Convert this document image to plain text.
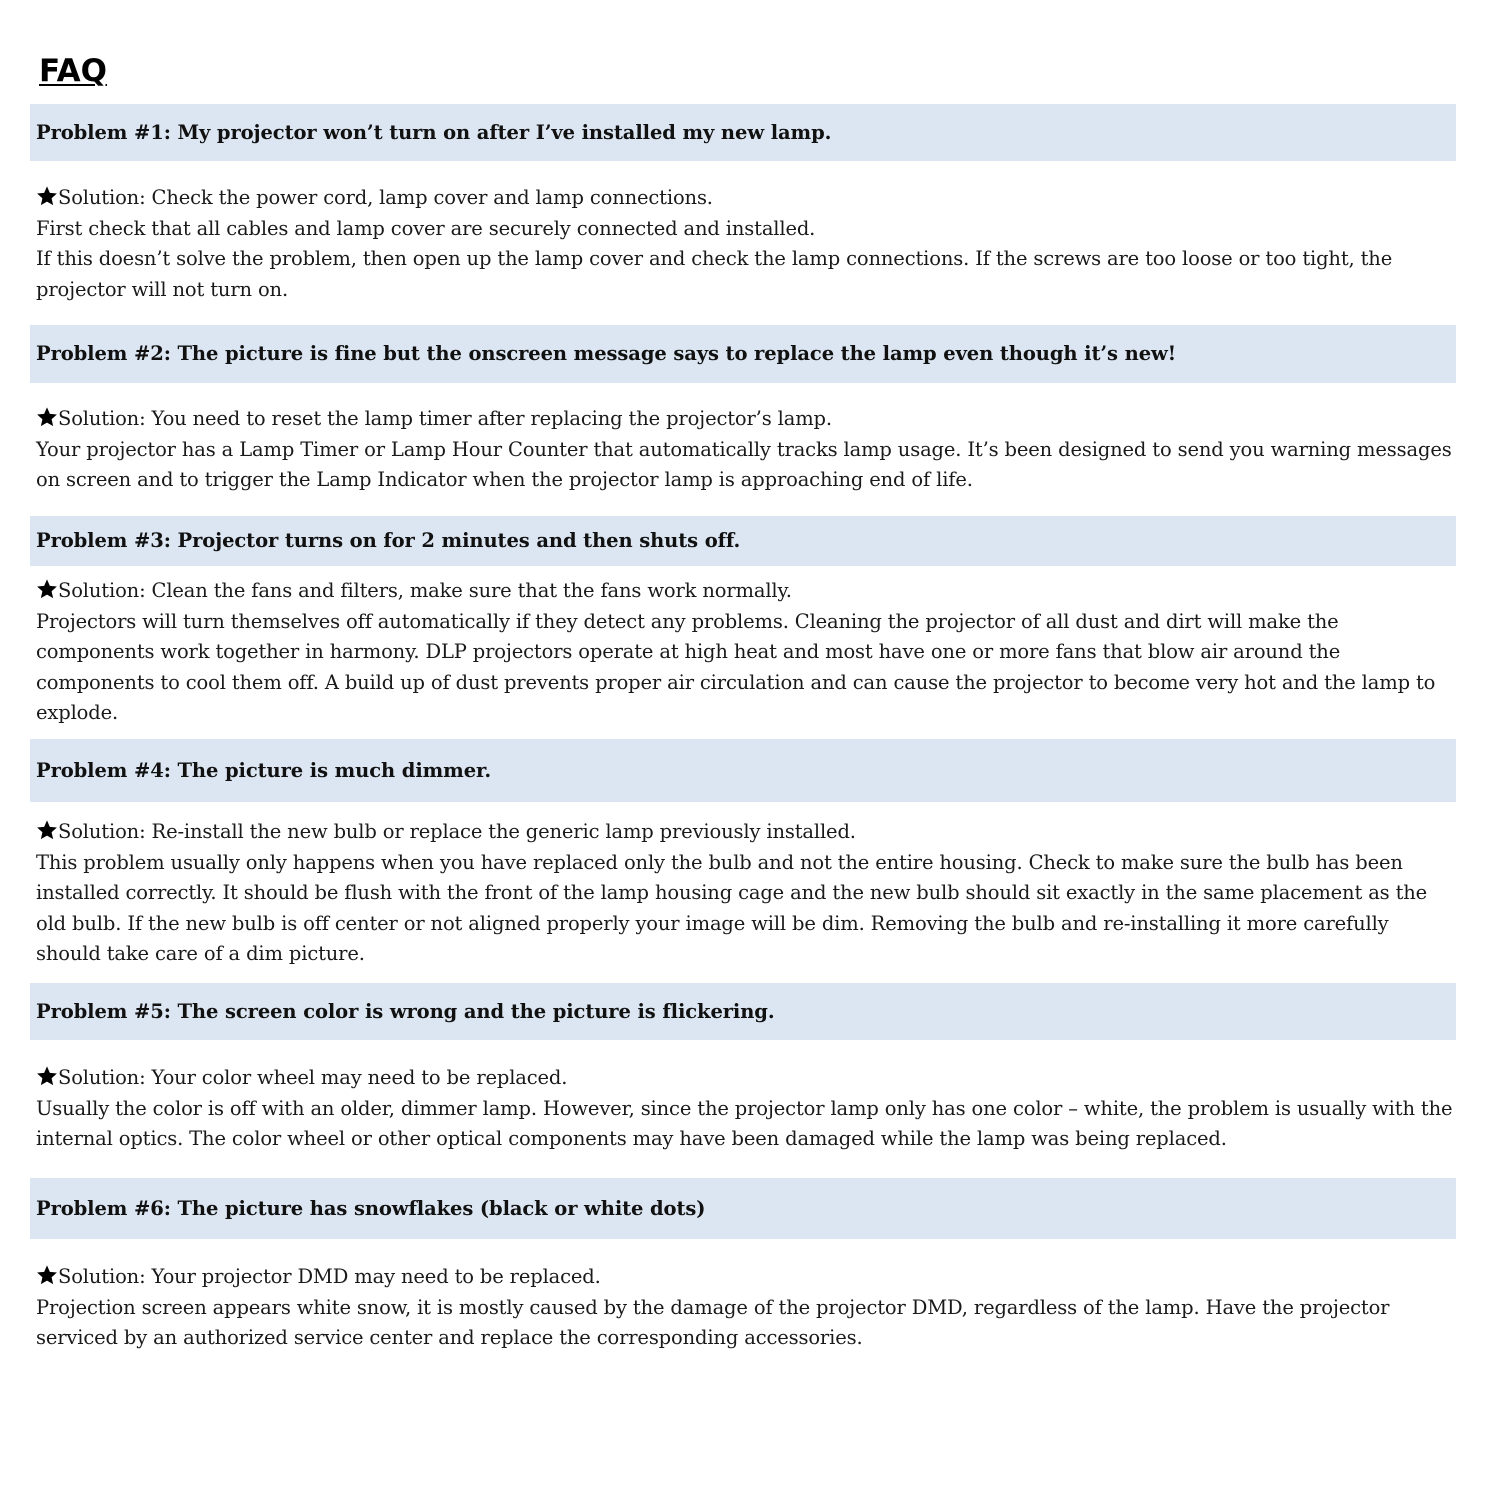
FAQ
Problem #1: My projector won’t turn on after I’ve installed my new lamp.

Solution: Check the power cord, lamp cover and lamp connections.

First check that all cables and lamp cover are securely connected and installed.

If this doesn’t solve the problem, then open up the lamp cover and check the lamp connections. If the screws are too loose or too tight, the projector will not turn on.

Problem #2: The picture is fine but the onscreen message says to replace the lamp even though it’s new!

Solution: You need to reset the lamp timer after replacing the projector’s lamp.

Your projector has a Lamp Timer or Lamp Hour Counter that automatically tracks lamp usage. It’s been designed to send you warning messages on screen and to trigger the Lamp Indicator when the projector lamp is approaching end of life.

Problem #3: Projector turns on for 2 minutes and then shuts off.

Solution: Clean the fans and filters, make sure that the fans work normally.

Projectors will turn themselves off automatically if they detect any problems. Cleaning the projector of all dust and dirt will make the components work together in harmony. DLP projectors operate at high heat and most have one or more fans that blow air around the components to cool them off. A build up of dust prevents proper air circulation and can cause the projector to become very hot and the lamp to explode.

Problem #4: The picture is much dimmer.

Solution: Re-install the new bulb or replace the generic lamp previously installed.

This problem usually only happens when you have replaced only the bulb and not the entire housing. Check to make sure the bulb has been installed correctly. It should be flush with the front of the lamp housing cage and the new bulb should sit exactly in the same placement as the old bulb. If the new bulb is off center or not aligned properly your image will be dim. Removing the bulb and re-installing it more carefully should take care of a dim picture.

Problem #5: The screen color is wrong and the picture is flickering.

Solution: Your color wheel may need to be replaced.

Usually the color is off with an older, dimmer lamp. However, since the projector lamp only has one color – white, the problem is usually with the internal optics. The color wheel or other optical components may have been damaged while the lamp was being replaced.

Problem #6: The picture has snowflakes (black or white dots)

Solution: Your projector DMD may need to be replaced.

Projection screen appears white snow, it is mostly caused by the damage of the projector DMD, regardless of the lamp. Have the projector serviced by an authorized service center and replace the corresponding accessories.
